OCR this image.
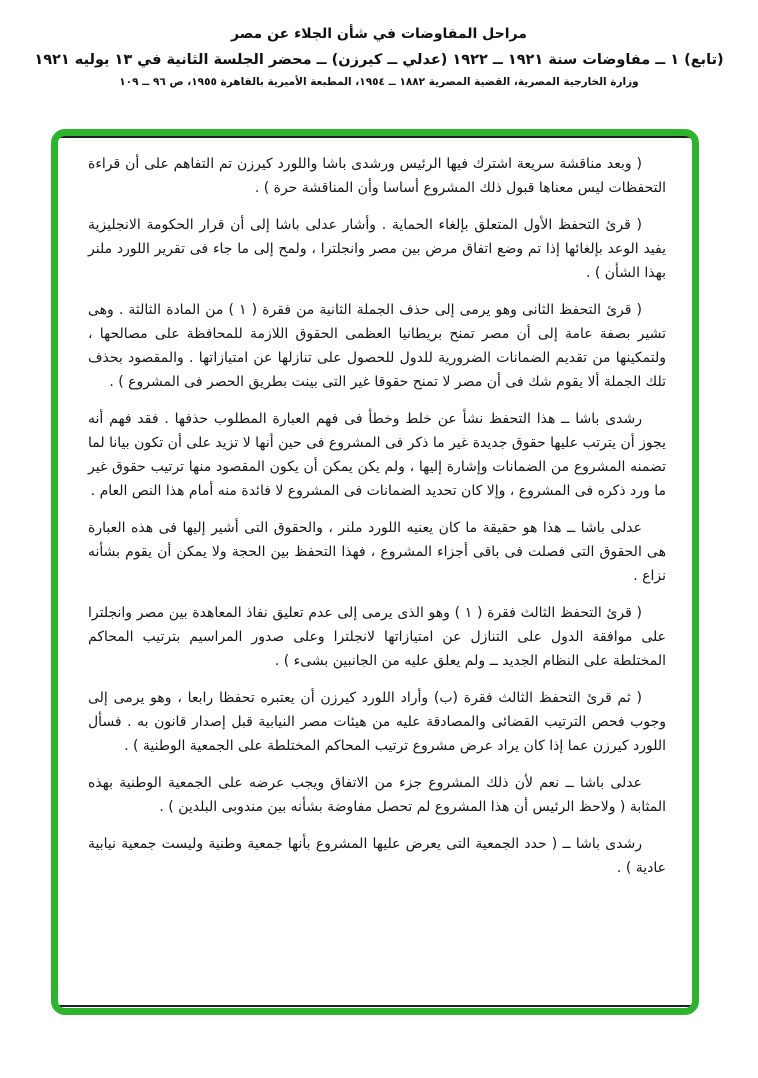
مراحل المفاوضات في شأن الجلاء عن مصر

(تابع) ١ ــ مفاوضات سنة ١٩٢١ ــ ١٩٢٢ (عدلي ــ كيرزن) ــ محضر الجلسة الثانية في ١٣ يوليه ١٩٢١

وزارة الخارجية المصرية، القضية المصرية ١٨٨٢ ــ ١٩٥٤، المطبعة الأميرية بالقاهرة ١٩٥٥، ص ٩٦ ــ ١٠٩

( وبعد مناقشة سريعة اشترك فيها الرئيس ورشدى باشا واللورد كيرزن تم التفاهم على أن قراءة التحفظات ليس معناها قبول ذلك المشروع أساسا وأن المناقشة حرة ) .

( قرئ التحفظ الأول المتعلق بإلغاء الحماية . وأشار عدلى باشا إلى أن قرار الحكومة الانجليزية يفيد الوعد بإلغائها إذا تم وضع اتفاق مرض بين مصر وانجلترا ، ولمح إلى ما جاء فى تقرير اللورد ملنر بهذا الشأن ) .

( قرئ التحفظ الثانى وهو يرمى إلى حذف الجملة الثانية من فقرة ( ١ ) من المادة الثالثة . وهى تشير بصفة عامة إلى أن مصر تمنح بريطانيا العظمى الحقوق اللازمة للمحافظة على مصالحها ، ولتمكينها من تقديم الضمانات الضرورية للدول للحصول على تنازلها عن امتيازاتها . والمقصود بحذف تلك الجملة ألا يقوم شك فى أن مصر لا تمنح حقوقا غير التى بينت بطريق الحصر فى المشروع ) .

رشدى باشا ــ هذا التحفظ نشأ عن خلط وخطأ فى فهم العبارة المطلوب حذفها . فقد فهم أنه يجوز أن يترتب عليها حقوق جديدة غير ما ذكر فى المشروع فى حين أنها لا تزيد على أن تكون بيانا لما تضمنه المشروع من الضمانات وإشارة إليها ، ولم يكن يمكن أن يكون المقصود منها ترتيب حقوق غير ما ورد ذكره فى المشروع ، وإلا كان تحديد الضمانات فى المشروع لا فائدة منه أمام هذا النص العام .

عدلى باشا ــ هذا هو حقيقة ما كان يعنيه اللورد ملنر ، والحقوق التى أشير إليها فى هذه العبارة هى الحقوق التى فصلت فى باقى أجزاء المشروع ، فهذا التحفظ بين الحجة ولا يمكن أن يقوم بشأنه نزاع .

( قرئ التحفظ الثالث فقرة ( ١ ) وهو الذى يرمى إلى عدم تعليق نفاذ المعاهدة بين مصر وانجلترا على موافقة الدول على التنازل عن امتيازاتها لانجلترا وعلى صدور المراسيم بترتيب المحاكم المختلطة على النظام الجديد ــ ولم يعلق عليه من الجانبين بشىء ) .

( ثم قرئ التحفظ الثالث فقرة (ب) وأراد اللورد كيرزن أن يعتبره تحفظا رابعا ، وهو يرمى إلى وجوب فحص الترتيب القضائى والمصادقة عليه من هيئات مصر النيابية قبل إصدار قانون به . فسأل اللورد كيرزن عما إذا كان يراد عرض مشروع ترتيب المحاكم المختلطة على الجمعية الوطنية ) .

عدلى باشا ــ نعم لأن ذلك المشروع جزء من الاتفاق ويجب عرضه على الجمعية الوطنية بهذه المثابة ( ولاحظ الرئيس أن هذا المشروع لم تحصل مفاوضة بشأنه بين مندوبى البلدين ) .

رشدى باشا ــ ( حدد الجمعية التى يعرض عليها المشروع بأنها جمعية وطنية وليست جمعية نيابية عادية ) .
